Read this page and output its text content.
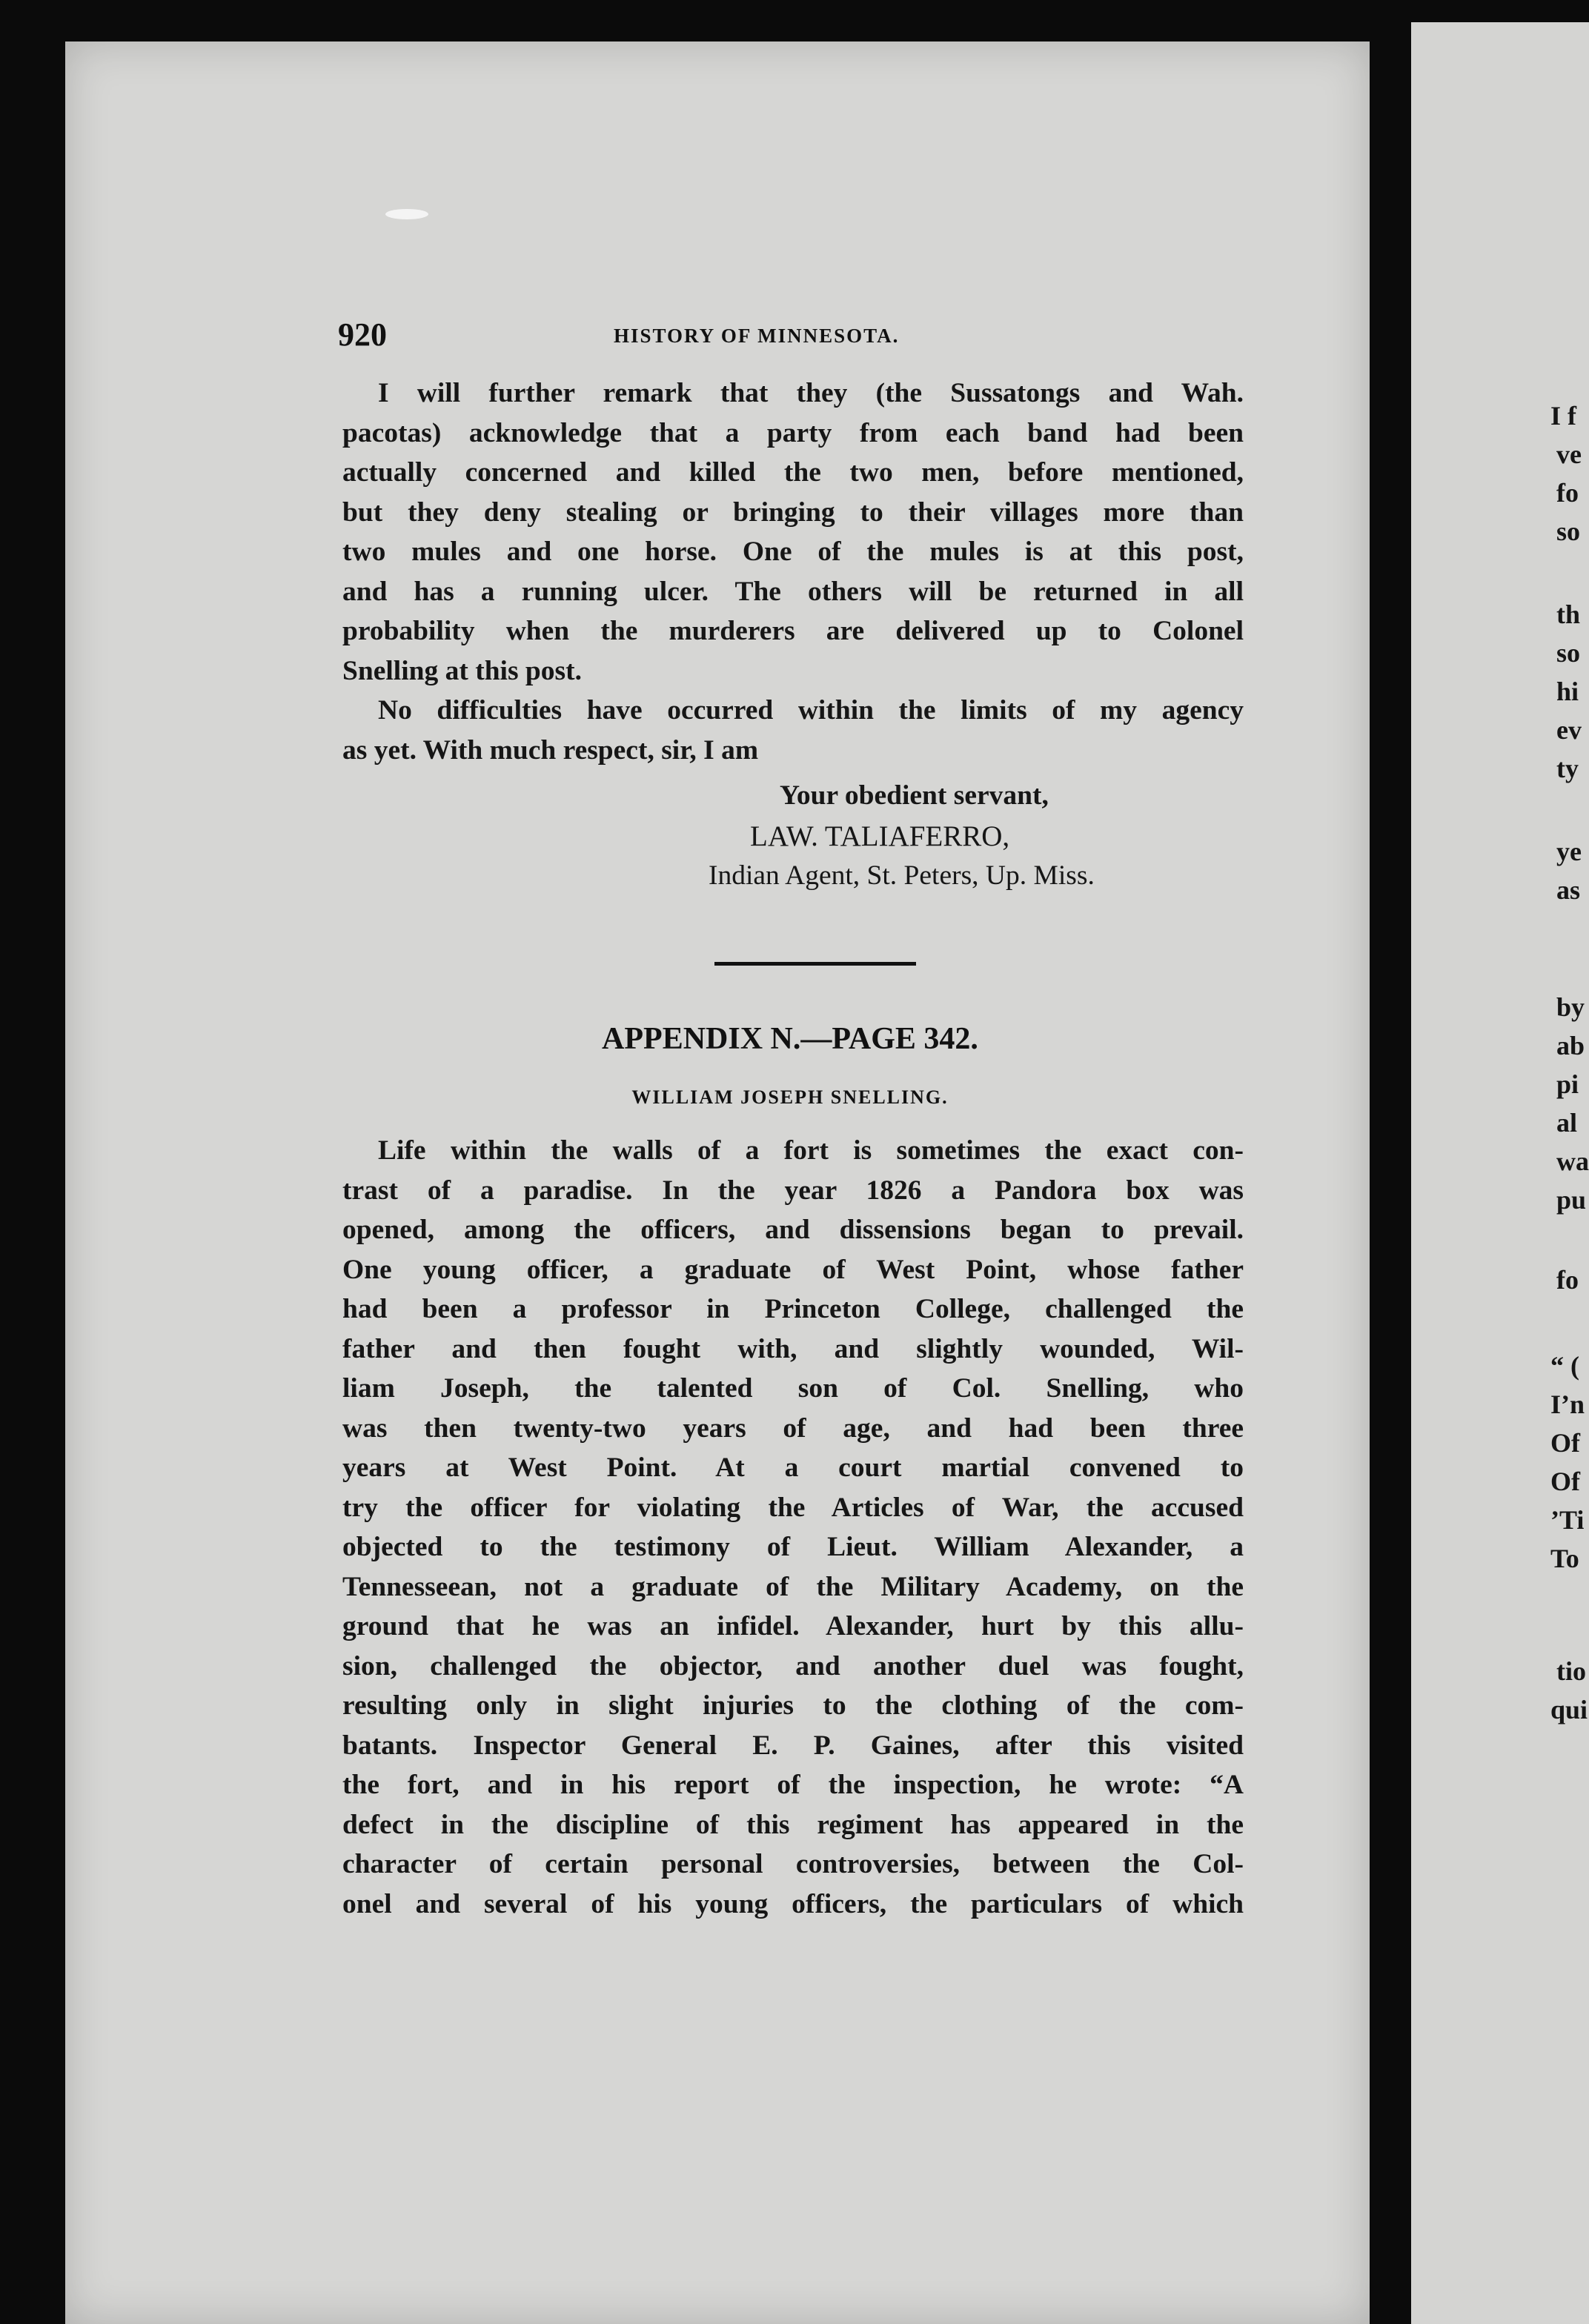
920	HISTORY OF MINNESOTA.
I will further remark that they (the Sussatongs and Wah.
pacotas) acknowledge that a party from each band had been
actually concerned and killed the two men, before mentioned,
but they deny stealing or bringing to their villages more than
two mules and one horse. One of the mules is at this post,
and has a running ulcer. The others will be returned in all
probability when the murderers are delivered up to Colonel
Snelling at this post.
No difficulties have occurred within the limits of my agency
as yet. With much respect, sir, I am
Your obedient servant,
LAW. TALIAFERRO,
Indian Agent, St. Peters, Up. Miss.
APPENDIX N.—PAGE 342.
WILLIAM JOSEPH SNELLING.
Life within the walls of a fort is sometimes the exact con-
trast of a paradise. In the year 1826 a Pandora box was
opened, among the officers, and dissensions began to prevail.
One young officer, a graduate of West Point, whose father
had been a professor in Princeton College, challenged the
father and then fought with, and slightly wounded, Wil-
liam Joseph, the talented son of Col. Snelling, who
was then twenty-two years of age, and had been three
years at West Point. At a court martial convened to
try the officer for violating the Articles of War, the accused
objected to the testimony of Lieut. William Alexander, a
Tennesseean, not a graduate of the Military Academy, on the
ground that he was an infidel. Alexander, hurt by this allu-
sion, challenged the objector, and another duel was fought,
resulting only in slight injuries to the clothing of the com-
batants. Inspector General E. P. Gaines, after this visited
the fort, and in his report of the inspection, he wrote: “A
defect in the discipline of this regiment has appeared in the
character of certain personal controversies, between the Col-
onel and several of his young officers, the particulars of which
I f
ve
fo
so
th
so
hi
ev
ty
ye
as
by
ab
pi
al
wa
pu
fo
“ (
I’n
Of
Of
’Ti
To
tio
qui
